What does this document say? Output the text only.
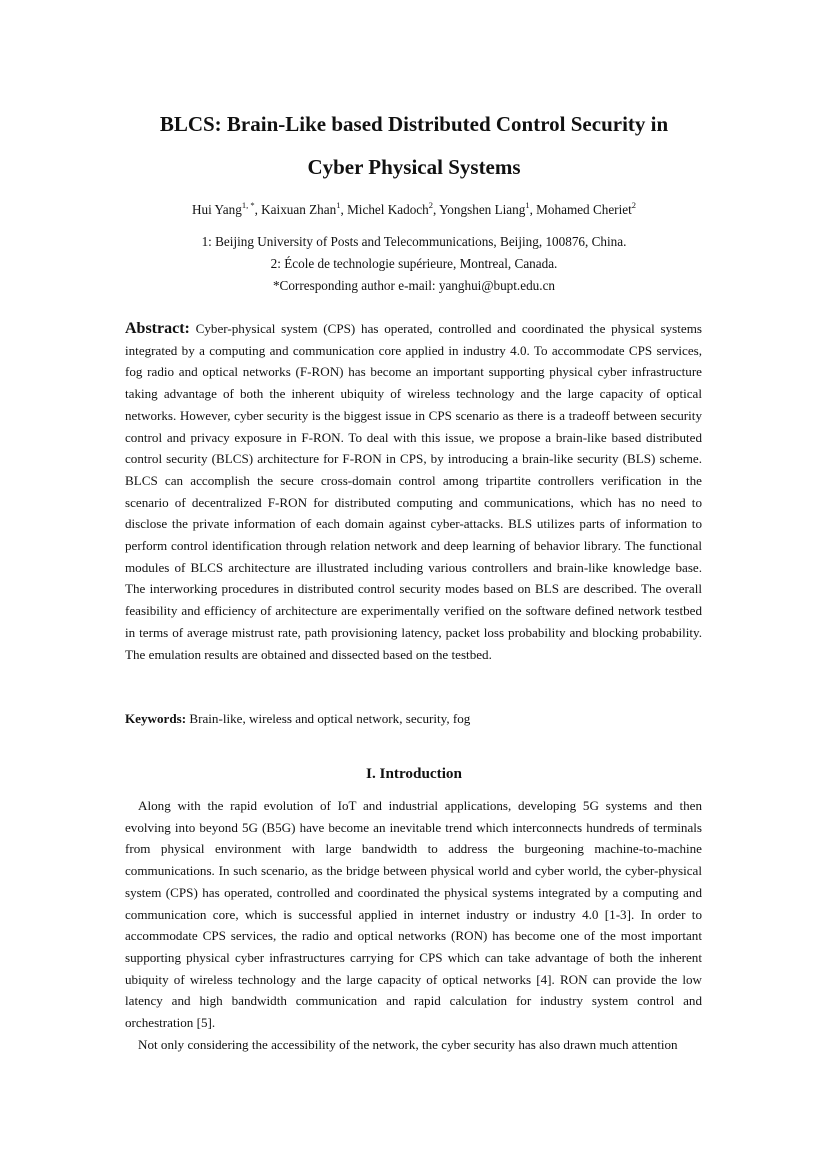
BLCS: Brain-Like based Distributed Control Security in
Cyber Physical Systems

Hui Yang$^{1, *}$, Kaixuan Zhan$^1$, Michel Kadoch$^2$, Yongshen Liang$^1$, Mohamed Cheriet$^2$

1: Beijing University of Posts and Telecommunications, Beijing, 100876, China.

2: École de technologie supérieure, Montreal, Canada.

*Corresponding author e-mail: yanghui@bupt.edu.cn

Abstract: Cyber-physical system (CPS) has operated, controlled and coordinated the physical systems integrated by a computing and communication core applied in industry 4.0. To accommodate CPS services, fog radio and optical networks (F-RON) has become an important supporting physical cyber infrastructure taking advantage of both the inherent ubiquity of wireless technology and the large capacity of optical networks. However, cyber security is the biggest issue in CPS scenario as there is a tradeoff between security control and privacy exposure in F-RON. To deal with this issue, we propose a brain-like based distributed control security (BLCS) architecture for F-RON in CPS, by introducing a brain-like security (BLS) scheme. BLCS can accomplish the secure cross-domain control among tripartite controllers verification in the scenario of decentralized F-RON for distributed computing and communications, which has no need to disclose the private information of each domain against cyber-attacks. BLS utilizes parts of information to perform control identification through relation network and deep learning of behavior library. The functional modules of BLCS architecture are illustrated including various controllers and brain-like knowledge base. The interworking procedures in distributed control security modes based on BLS are described. The overall feasibility and efficiency of architecture are experimentally verified on the software defined network testbed in terms of average mistrust rate, path provisioning latency, packet loss probability and blocking probability. The emulation results are obtained and dissected based on the testbed.

Keywords: Brain-like, wireless and optical network, security, fog

I. Introduction

Along with the rapid evolution of IoT and industrial applications, developing 5G systems and then evolving into beyond 5G (B5G) have become an inevitable trend which interconnects hundreds of terminals from physical environment with large bandwidth to address the burgeoning machine-to-machine communications. In such scenario, as the bridge between physical world and cyber world, the cyber-physical system (CPS) has operated, controlled and coordinated the physical systems integrated by a computing and communication core, which is successful applied in internet industry or industry 4.0 [1-3]. In order to accommodate CPS services, the radio and optical networks (RON) has become one of the most important supporting physical cyber infrastructures carrying for CPS which can take advantage of both the inherent ubiquity of wireless technology and the large capacity of optical networks [4]. RON can provide the low latency and high bandwidth communication and rapid calculation for industry system control and orchestration [5].

Not only considering the accessibility of the network, the cyber security has also drawn much attention
